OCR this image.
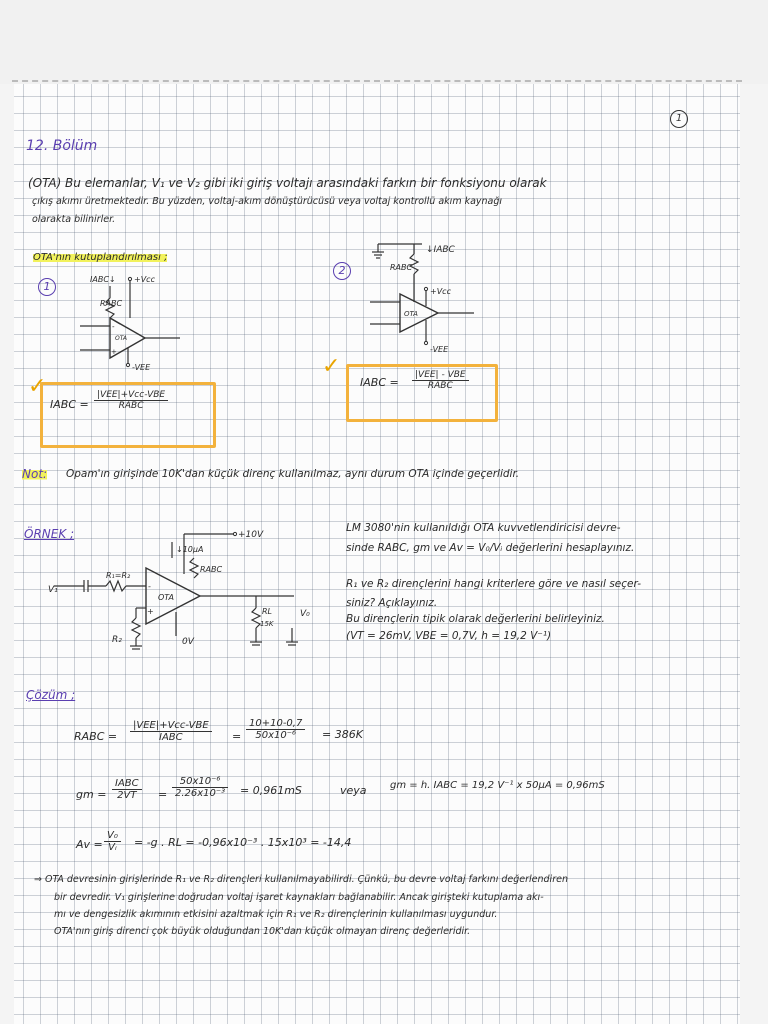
1
12. Bölüm
(OTA) Bu elemanlar, V₁ ve V₂ gibi iki giriş voltajı arasındaki farkın bir fonksiyonu olarak
çıkış akımı üretmektedir. Bu yüzden, voltaj-akım dönüştürücüsü veya voltaj kontrollü akım kaynağı
olarakta bilinirler.
OTA'nın kutuplandırılması ;
1
IABC↓ +Vcc
RABC
OTA
-
+
-VEE
✓
IABC =
|VEE|+Vcc-VBE
RABC
2
↓IABC
RABC
+Vcc
OTA
-VEE
✓
IABC =
|VEE| - VBE
RABC
Not: Opam'ın girişinde 10K'dan küçük direnç kullanılmaz, aynı durum OTA içinde geçerlidir.
ÖRNEK ;	+10V
↓10μA
RABC
V₁
R₁=R₂
OTA
-
+
R₂	0V
RL
15K
V₀
LM 3080'nin kullanıldığı OTA kuvvetlendiricisi devre-
sinde RABC, gm ve Av = V₀/Vᵢ değerlerini hesaplayınız.
R₁ ve R₂ dirençlerini hangi kriterlere göre ve nasıl seçer-
siniz? Açıklayınız.
Bu dirençlerin tipik olarak değerlerini belirleyiniz.
(VT = 26mV, VBE = 0,7V, h = 19,2 V⁻¹)
Çözüm ;
RABC =
|VEE|+Vcc-VBE
IABC	= $\frac{10+10-0,7}{\text{50x10⁻⁶}} = 386K$
gm =
IABC
2VT	= $\frac{\text{50x10⁻⁶}}{\text{2.26x10⁻³}} = 0,961mS$	veya gm = h. IABC = 19,2 V⁻¹ x 50μA = 0,96mS
$Av = \frac{\text{V₀}}{\text{Vᵢ}} = -g$ . RL = -0,96x10⁻³ . 15x10³ = -14,4
⇒ OTA devresinin girişlerinde R₁ ve R₂ dirençleri kullanılmayabilirdi. Çünkü, bu devre voltaj farkını değerlendiren
bir devredir. V₁ girişlerine doğrudan voltaj işaret kaynakları bağlanabilir. Ancak girişteki kutuplama akı-
mı ve dengesizlik akımının etkisini azaltmak için R₁ ve R₂ dirençlerinin kullanılması uygundur.
OTA'nın giriş direnci çok büyük olduğundan 10K'dan küçük olmayan direnç değerleridir.
